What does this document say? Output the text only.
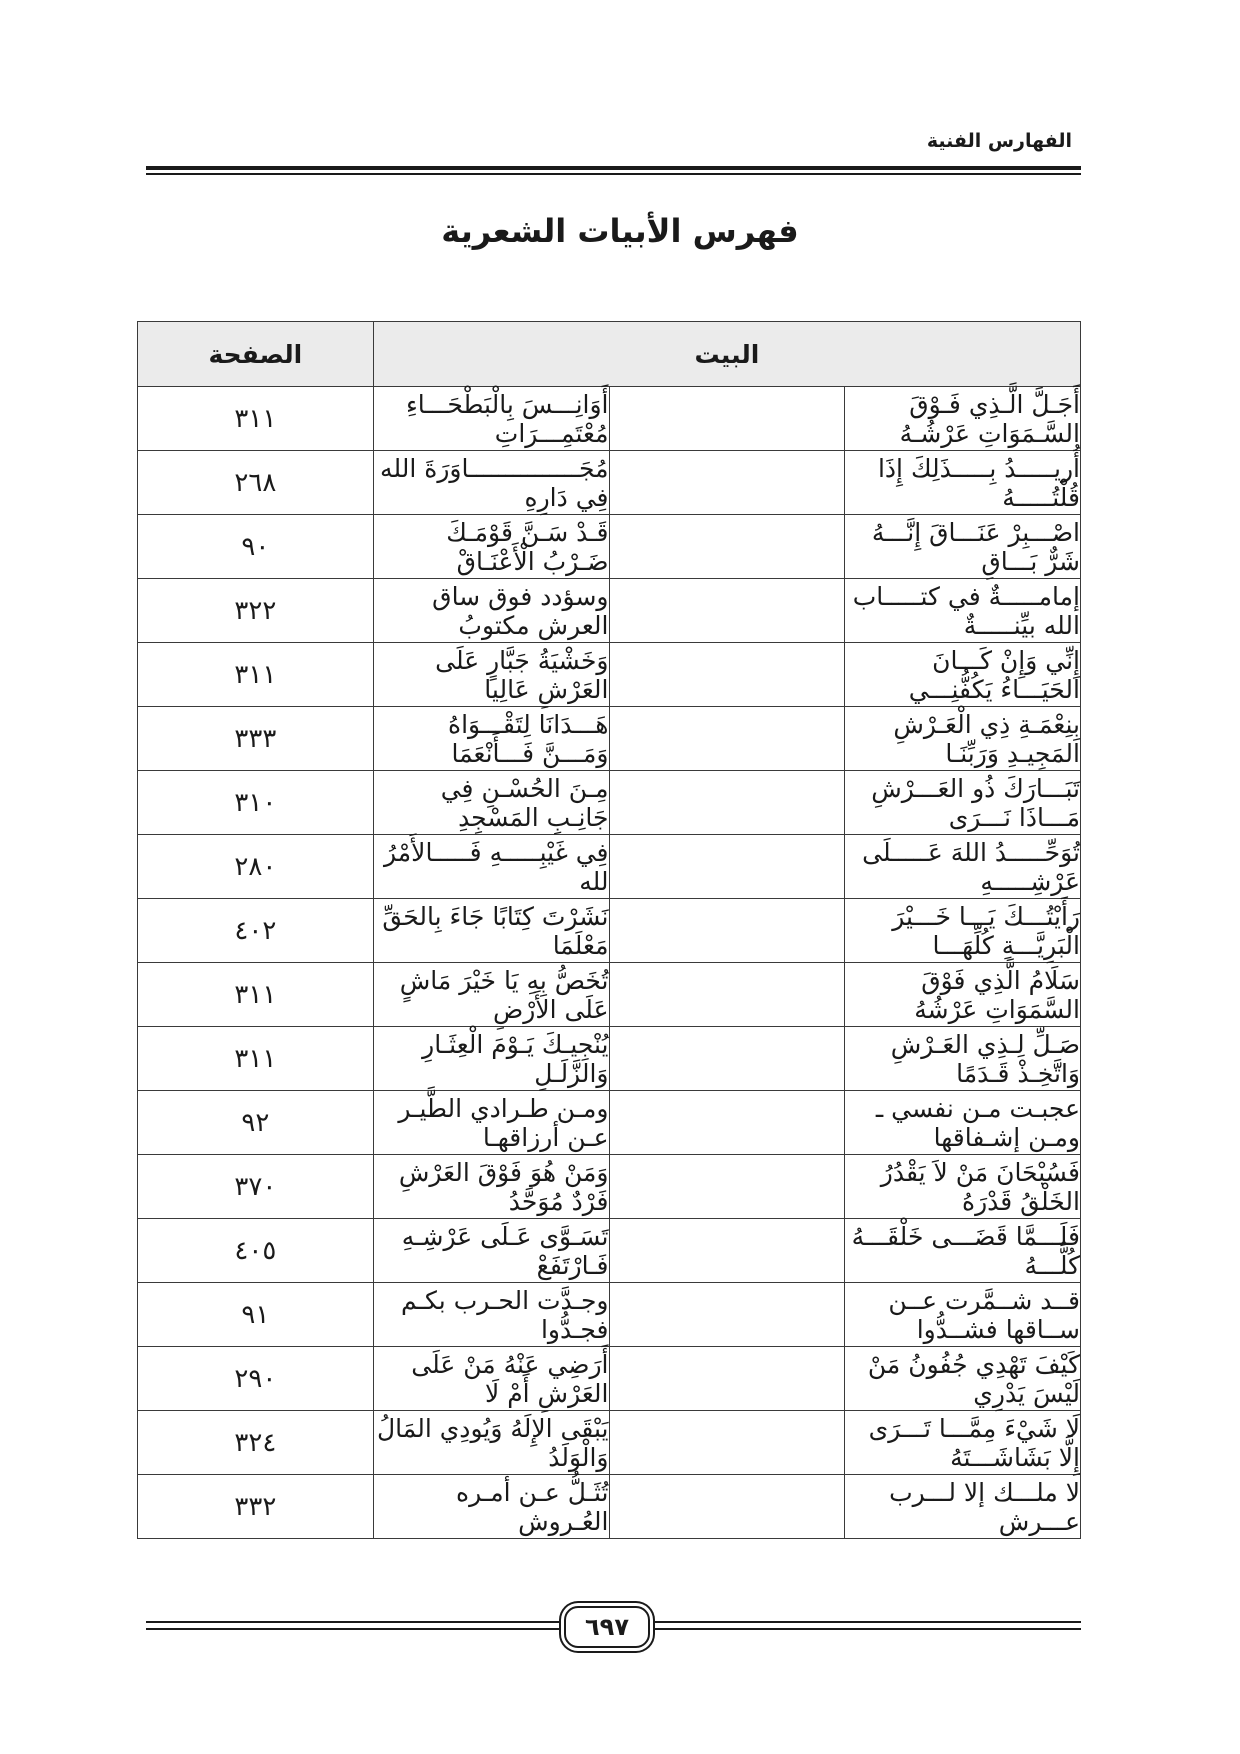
الفهارس الفنية
فهرس الأبيات الشعرية
البيت			الصفحة
أَجَـلَّ الَّـذِي فَـوْقَ السَّـمَوَاتِ عَرْشُـهُ		أَوَانِـــسَ بِالْبَطْحَـــاءِ مُعْتَمِـــرَاتِ	٣١١
أُريـــــدُ بِـــــذَلِكَ إِذَا قُلْتُـــــهُ		مُجَـــــــــــــــاوَرَةَ الله فِي دَارِهِ	٢٦٨
اصْـــبِرْ عَنَـــاقَ إِنَّـــهُ شَرٌّ بَـــاقِ		قَـدْ سَـنَّ قَوْمَـكَ ضَـرْبُ الْأَعْنَـاقْ	٩٠
إمامـــــةٌ في كتـــــاب الله بيِّنـــــةٌ		وسؤدد فوق ساق العرش مكتوبُ	٣٢٢
إِنِّي وَإِنْ كَـــانَ الحَيَـــاءُ يَكُفُّنِـــي		وَخَشْيَةُ جَبَّارٍ عَلَى العَرْشِ عَالِيا	٣١١
بِنِعْمَـةِ ذِي الْعَـرْشِ المَجِيـدِ وَرَبِّنَـا		هَـــدَانَا لِتَقْـــوَاهُ وَمَـــنَّ فَـــأَنْعَمَا	٣٣٣
تَبَـــارَكَ ذُو العَـــرْشِ مَـــاذَا نَـــرَى		مِـنَ الحُسْـنِ فِي جَانِـبِ المَسْجِدِ	٣١٠
تُوَحِّـــــدُ اللهَ عَـــــلَى عَرْشِـــــهِ		فِي غَيْبِـــــهِ فَـــــالأَمْرُ لله	٢٨٠
رَأَيْتُـــكَ يَـــا خَـــيْرَ الْبَرِيَّـــةِ كُلِّهَـــا		نَشَرْتَ كِتَابًا جَاءَ بِالحَقِّ مَعْلَمَا	٤٠٢
سَلَامُ الَّذِي فَوْقَ السَّمَوَاتِ عَرْشُهُ		تُخَصُّ بِهِ يَا خَيْرَ مَاشٍ عَلَى الأَرْضِ	٣١١
صَـلِّ لِـذِي العَـرْشِ وَاتَّخِـذْ قَـدَمًا		يُنْجِيـكَ يَـوْمَ الْعِثَـارِ وَالزَّلَـلِ	٣١١
عجبـت مـن نفسي ـ ومـن إشـفاقها		ومـن طـرادي الطَّيـر عـن أرزاقهـا	٩٢
فَسُبْحَانَ مَنْ لاَ يَقْدُرُ الخَلْقُ قَدْرَهُ		وَمَنْ هُوَ فَوْقَ العَرْشِ فَرْدٌ مُوَحَّدُ	٣٧٠
فَلَـــمَّا قَضَـــى خَلْقَـــهُ كُلَّـــهُ		تَسَـوَّى عَـلَى عَرْشِـهِ فَـارْتَفَعْ	٤٠٥
قــد شــمَّرت عــن ســاقها فشــدُّوا		وجـدَّت الحـرب بكـم فجـدُّوا	٩١
كَيْفَ تَهْدِي جُفُونُ مَنْ لَيْسَ يَدْرِي		أَرَضِي عَنْهُ مَنْ عَلَى العَرْشِ أَمْ لَا	٢٩٠
لَا شَيْءَ مِمَّـــا تَـــرَى إِلَّا بَشَاشَـــتَهُ		يَبْقَى الإِلَهُ وَيُودِي المَالُ وَالْوَلَدُ	٣٢٤
لا ملـــك إلا لـــرب عـــرش		تُثَـلُّ عـن أمـره العُـروش	٣٣٢
٦٩٧
